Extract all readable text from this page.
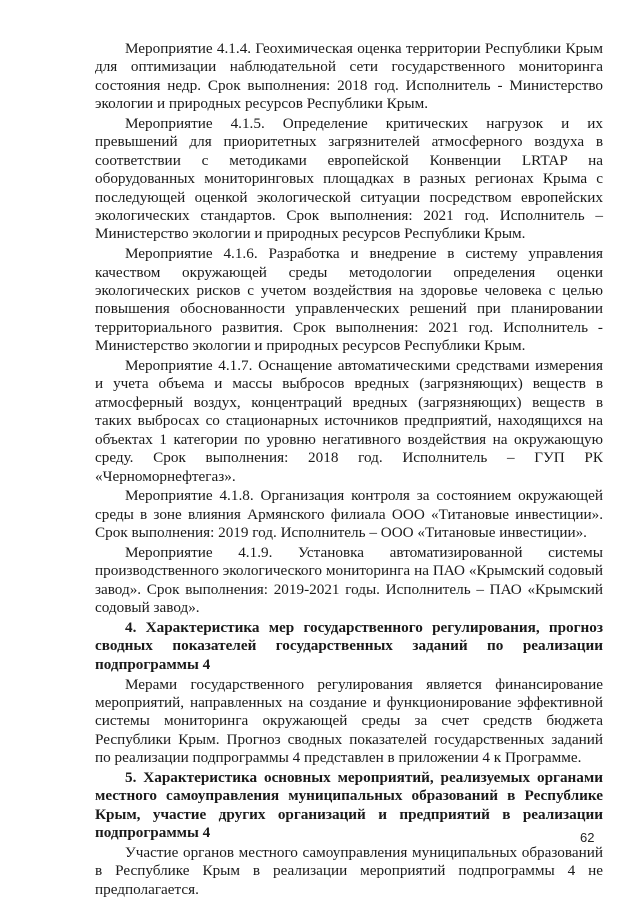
Мероприятие 4.1.4. Геохимическая оценка территории Республики Крым для оптимизации наблюдательной сети государственного мониторинга состояния недр. Срок выполнения: 2018 год. Исполнитель - Министерство экологии и природных ресурсов Республики Крым.

Мероприятие 4.1.5. Определение критических нагрузок и их превышений для приоритетных загрязнителей атмосферного воздуха в соответствии с методиками европейской Конвенции LRTAP на оборудованных мониторинговых площадках в разных регионах Крыма с последующей оценкой экологической ситуации посредством европейских экологических стандартов. Срок выполнения: 2021 год. Исполнитель – Министерство экологии и природных ресурсов Республики Крым.

Мероприятие 4.1.6. Разработка и внедрение в систему управления качеством окружающей среды методологии определения оценки экологических рисков с учетом воздействия на здоровье человека с целью повышения обоснованности управленческих решений при планировании территориального развития. Срок выполнения: 2021 год. Исполнитель - Министерство экологии и природных ресурсов Республики Крым.

Мероприятие 4.1.7. Оснащение автоматическими средствами измерения и учета объема и массы выбросов вредных (загрязняющих) веществ в атмосферный воздух, концентраций вредных (загрязняющих) веществ в таких выбросах со стационарных источников предприятий, находящихся на объектах 1 категории по уровню негативного воздействия на окружающую среду. Срок выполнения: 2018 год. Исполнитель – ГУП РК «Черноморнефтегаз».

Мероприятие 4.1.8. Организация контроля за состоянием окружающей среды в зоне влияния Армянского филиала ООО «Титановые инвестиции». Срок выполнения: 2019 год. Исполнитель – ООО «Титановые инвестиции».

Мероприятие 4.1.9. Установка автоматизированной системы производственного экологического мониторинга на ПАО «Крымский содовый завод». Срок выполнения: 2019-2021 годы. Исполнитель – ПАО «Крымский содовый завод».

4. Характеристика мер государственного регулирования, прогноз сводных показателей государственных заданий по реализации подпрограммы 4

Мерами государственного регулирования является финансирование мероприятий, направленных на создание и функционирование эффективной системы мониторинга окружающей среды за счет средств бюджета Республики Крым. Прогноз сводных показателей государственных заданий по реализации подпрограммы 4 представлен в приложении 4 к Программе.

5. Характеристика основных мероприятий, реализуемых органами местного самоуправления муниципальных образований в Республике Крым, участие других организаций и предприятий в реализации подпрограммы 4

Участие органов местного самоуправления муниципальных образований в Республике Крым в реализации мероприятий подпрограммы 4 не предполагается.

62
